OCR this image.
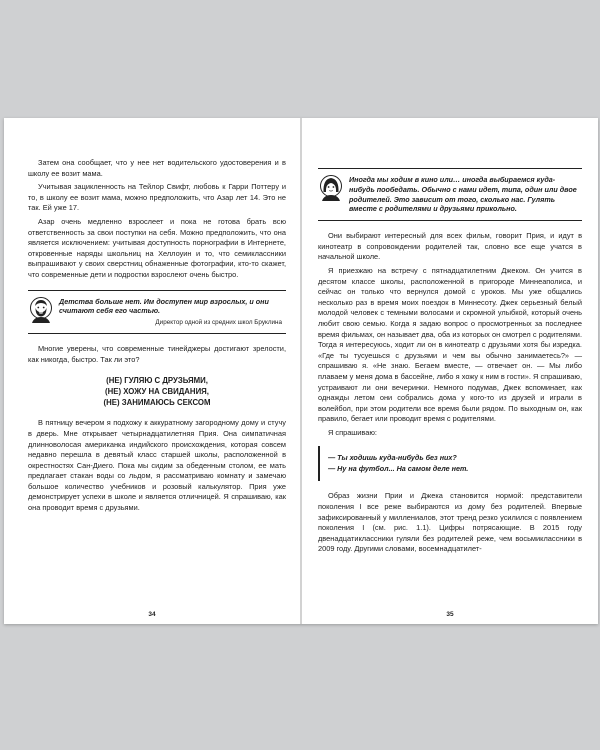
Затем она сообщает, что у нее нет водительского удостоверения и в школу ее возит мама.

Учитывая зацикленность на Тейлор Свифт, любовь к Гарри Поттеру и то, в школу ее возит мама, можно предположить, что Азар лет 14. Это не так. Ей уже 17.

Азар очень медленно взрослеет и пока не готова брать всю ответственность за свои поступки на себя. Можно предположить, что она является исключением: учитывая доступность порнографии в Интернете, откровенные наряды школьниц на Хеллоуин и то, что семиклассники выпрашивают у своих сверстниц обнаженные фотографии, кто-то скажет, что современные дети и подростки взрослеют очень быстро.

Детства больше нет. Им доступен мир взрослых, и они считают себя его частью.
Директор одной из средних школ Бруклина

Многие уверены, что современные тинейджеры достигают зрелости, как никогда, быстро. Так ли это?

(НЕ) ГУЛЯЮ С ДРУЗЬЯМИ,
(НЕ) ХОЖУ НА СВИДАНИЯ,
(НЕ) ЗАНИМАЮСЬ СЕКСОМ

В пятницу вечером я подхожу к аккуратному загородному дому и стучу в дверь. Мне открывает четырнадцатилетняя Прия. Она симпатичная длинноволосая американка индийского происхождения, которая совсем недавно перешла в девятый класс старшей школы, расположенной в окрестностях Сан-Диего. Пока мы сидим за обеденным столом, ее мать предлагает стакан воды со льдом, я рассматриваю комнату и замечаю большое количество учебников и розовый калькулятор. Прия уже демонстрирует успехи в школе и является отличницей. Я спрашиваю, как она проводит время с друзьями.

34
Иногда мы ходим в кино или… иногда выбираемся куда-нибудь пообедать. Обычно с нами идет, типа, один или двое родителей. Это зависит от того, сколько нас. Гулять вместе с родителями и друзьями прикольно.

Они выбирают интересный для всех фильм, говорит Прия, и идут в кинотеатр в сопровождении родителей так, словно все еще учатся в начальной школе.

Я приезжаю на встречу с пятнадцатилетним Джеком. Он учится в десятом классе школы, расположенной в пригороде Миннеаполиса, и сейчас он только что вернулся домой с уроков. Мы уже общались несколько раз в время моих поездок в Миннесоту. Джек серьезный белый молодой человек с темными волосами и скромной улыбкой, который очень любит свою семью. Когда я задаю вопрос о просмотренных за последнее время фильмах, он называет два, оба из которых он смотрел с родителями. Тогда я интересуюсь, ходит ли он в кинотеатр с друзьями хотя бы изредка. «Где ты тусуешься с друзьями и чем вы обычно занимаетесь?» — спрашиваю я. «Не знаю. Бегаем вместе, — отвечает он. — Мы либо плаваем у меня дома в бассейне, либо я хожу к ним в гости». Я спрашиваю, устраивают ли они вечеринки. Немного подумав, Джек вспоминает, как однажды летом они собрались дома у кого-то из друзей и играли в волейбол, при этом родители все время были рядом. По выходным он, как правило, бегает или проводит время с родителями.

Я спрашиваю:

— Ты ходишь куда-нибудь без них?
— Ну на футбол... На самом деле нет.

Образ жизни Прии и Джека становится нормой: представители поколения I все реже выбираются из дому без родителей. Впервые зафиксированный у миллениалов, этот тренд резко усилился с появлением поколения I (см. рис. 1.1). Цифры потрясающие. В 2015 году двенадцатиклассники гуляли без родителей реже, чем восьмиклассники в 2009 году. Другими словами, восемнадцатилет-

35
